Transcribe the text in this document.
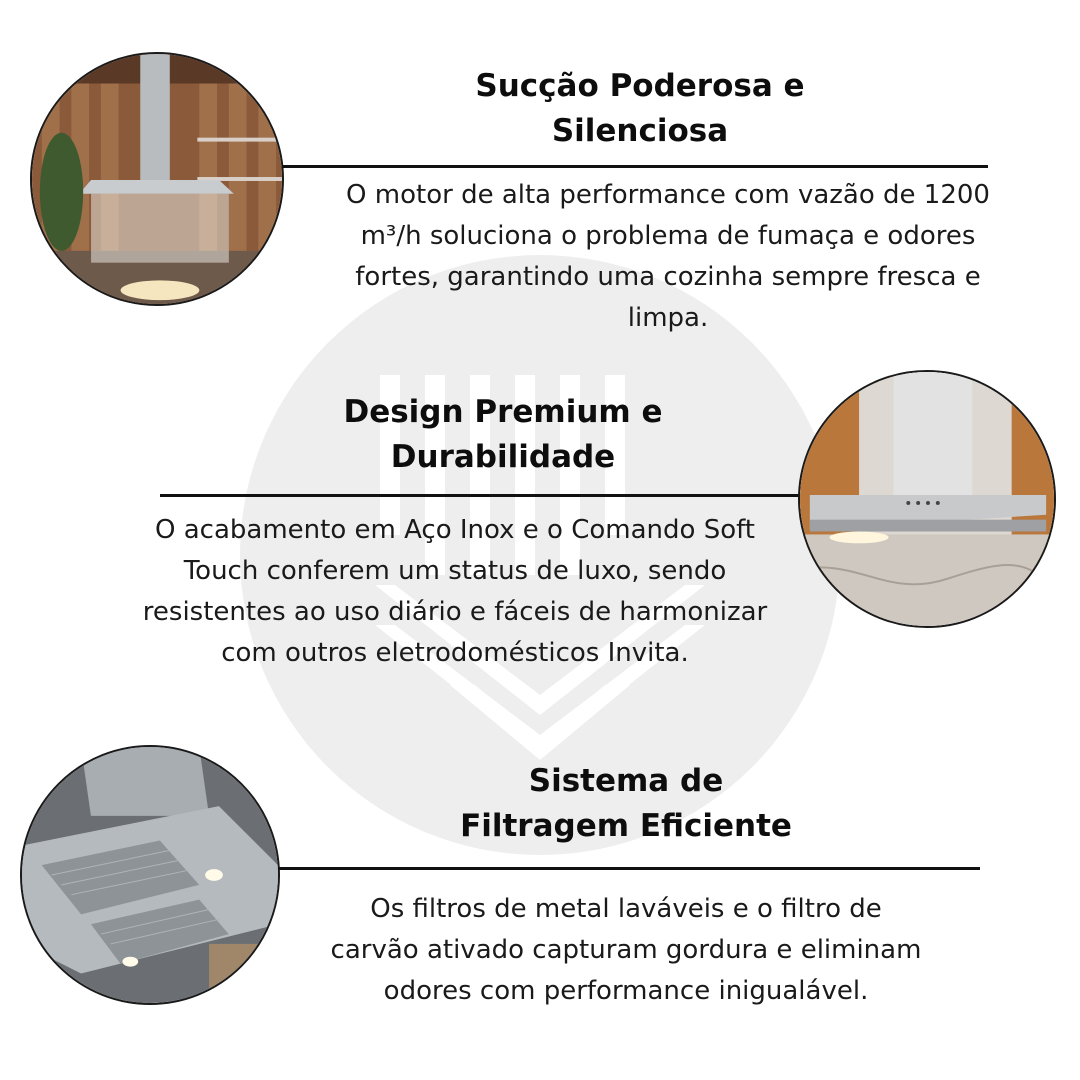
Sucção Poderosa e
Silenciosa

O motor de alta performance com vazão de 1200
m³/h soluciona o problema de fumaça e odores
fortes, garantindo uma cozinha sempre fresca e
limpa.

Design Premium e
Durabilidade

O acabamento em Aço Inox e o Comando Soft
Touch conferem um status de luxo, sendo
resistentes ao uso diário e fáceis de harmonizar
com outros eletrodomésticos Invita.

Sistema de
Filtragem Eficiente

Os filtros de metal laváveis e o filtro de
carvão ativado capturam gordura e eliminam
odores com performance inigualável.
